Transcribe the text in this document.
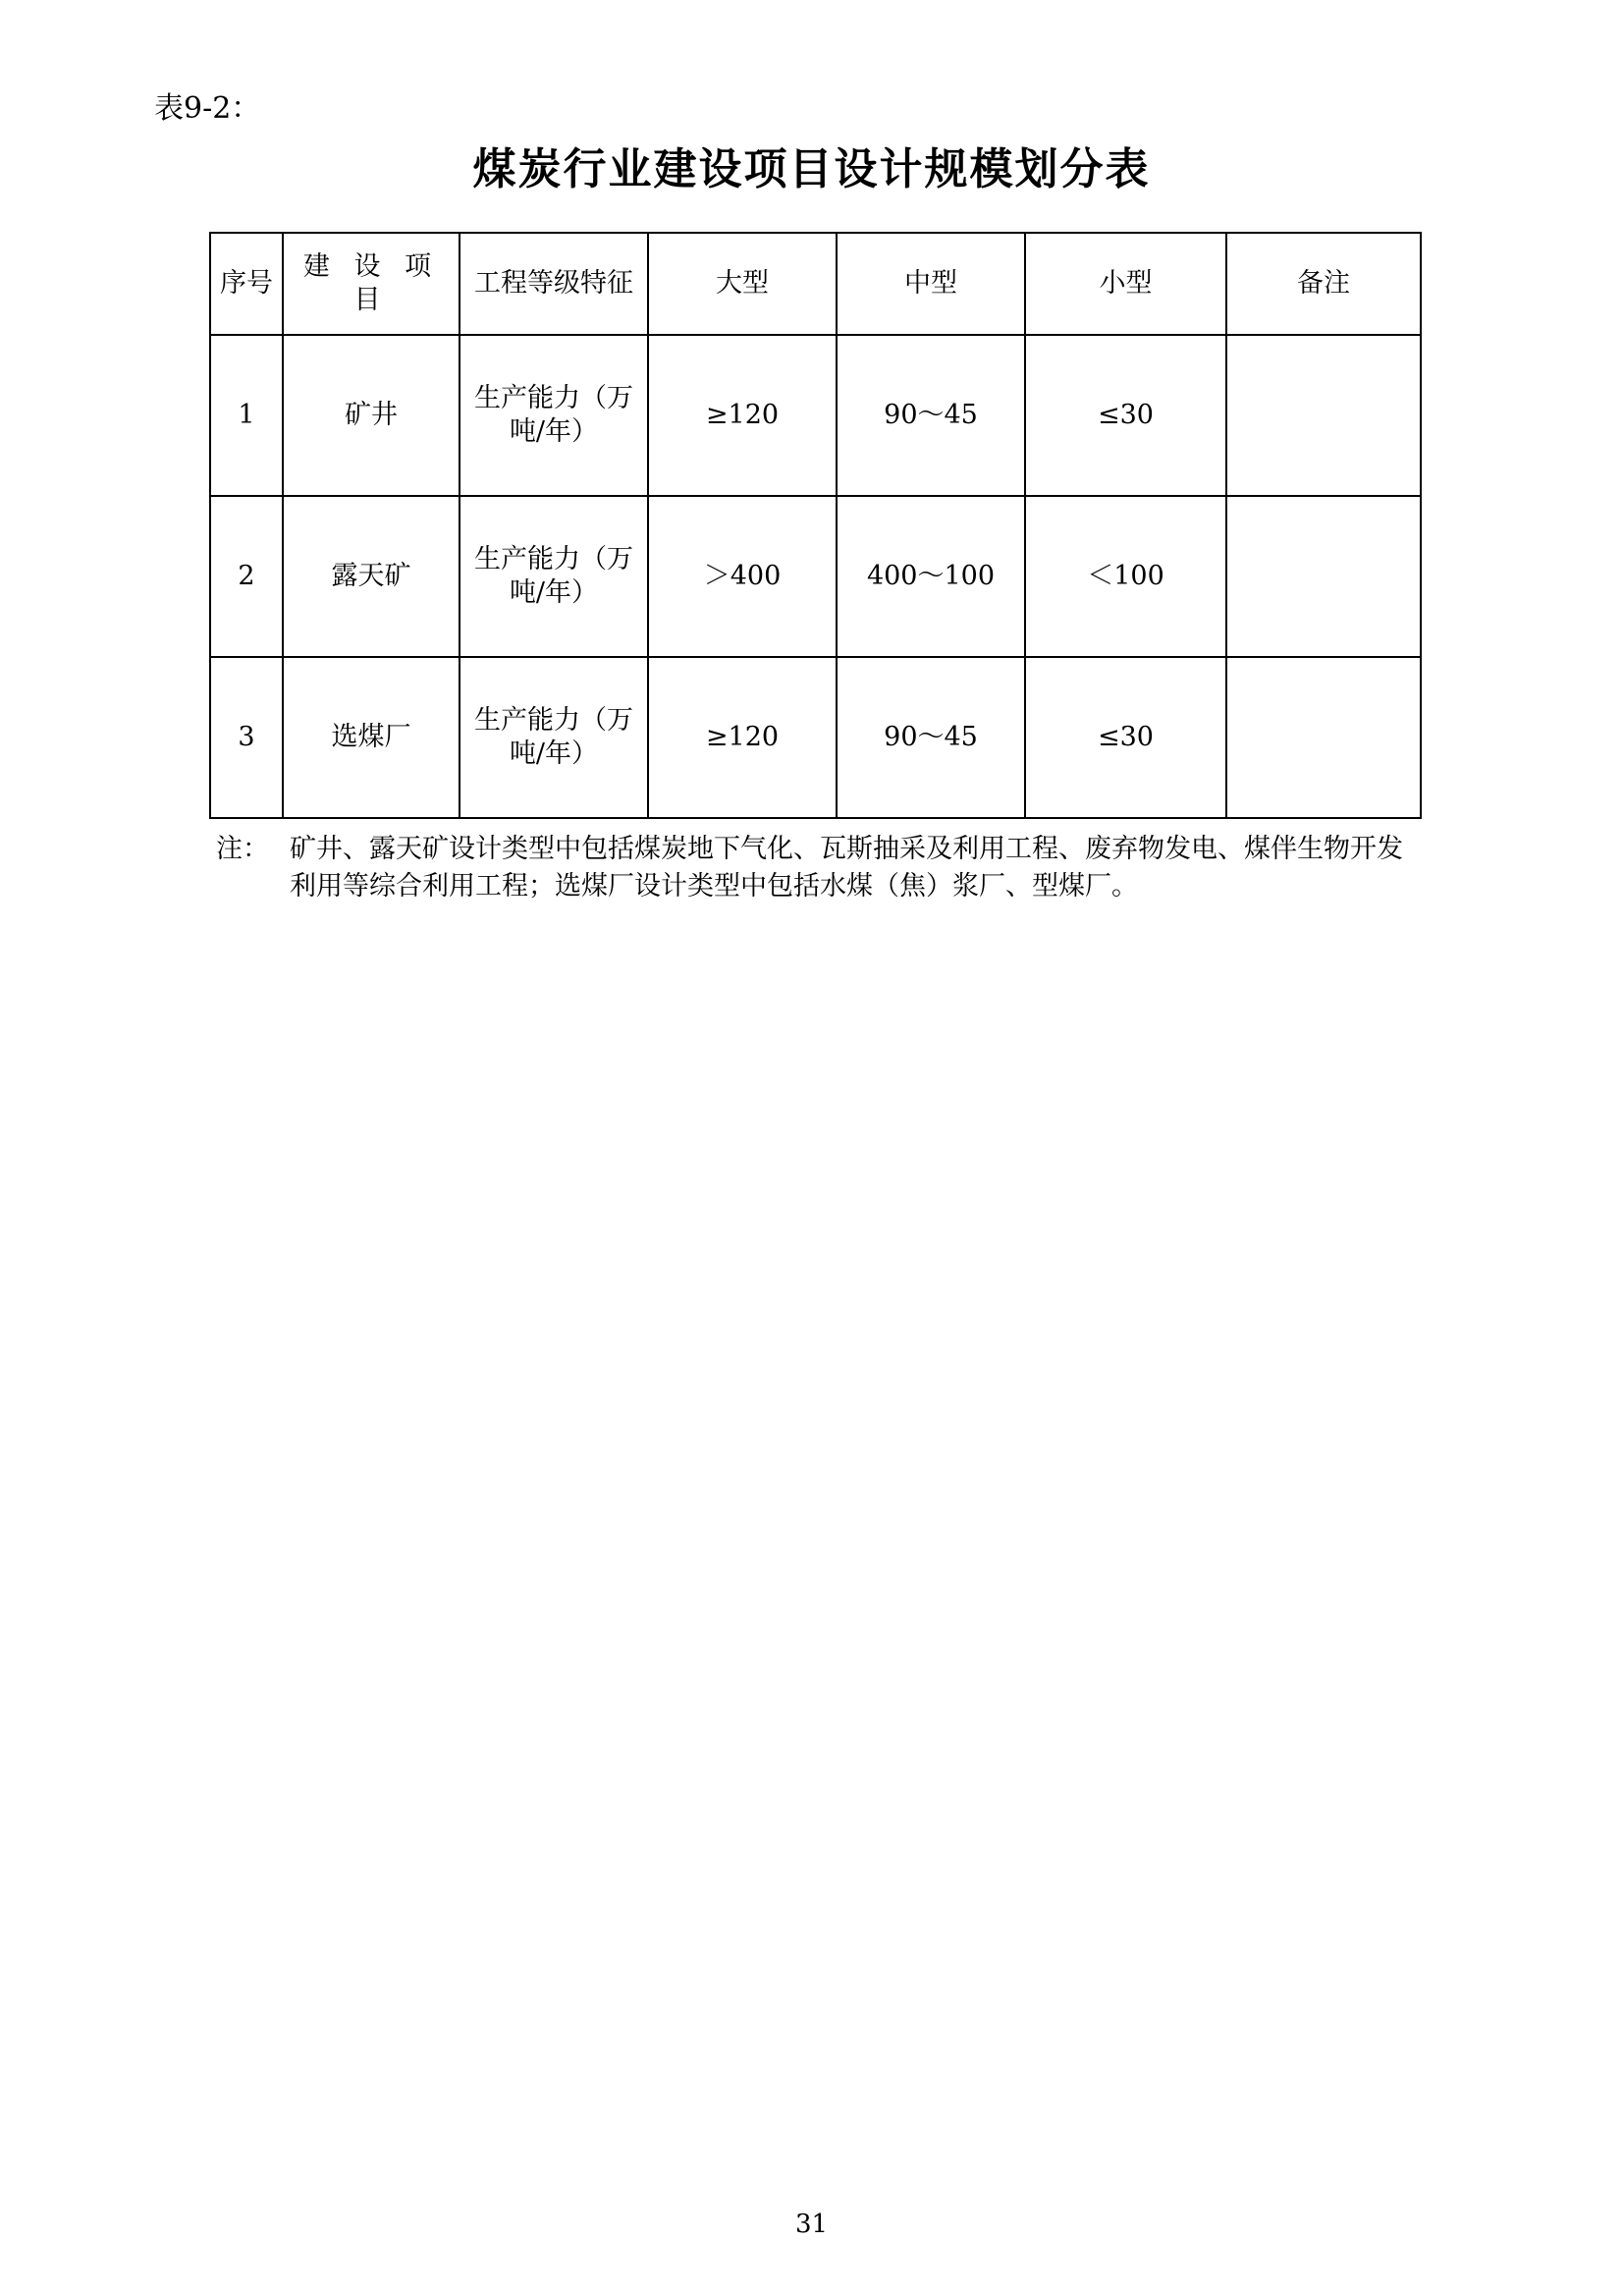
表9-2：
煤炭行业建设项目设计规模划分表
序号	建 设 项 目	工程等级特征	大型	中型	小型	备注
1	矿井	生产能力（万吨/年）	≥120	90～45	≤30	
2	露天矿	生产能力（万吨/年）	＞400	400～100	＜100	
3	选煤厂	生产能力（万吨/年）	≥120	90～45	≤30	
注： 矿井、露天矿设计类型中包括煤炭地下气化、瓦斯抽采及利用工程、废弃物发电、煤伴生物开发利用等综合利用工程；选煤厂设计类型中包括水煤（焦）浆厂、型煤厂。
31
